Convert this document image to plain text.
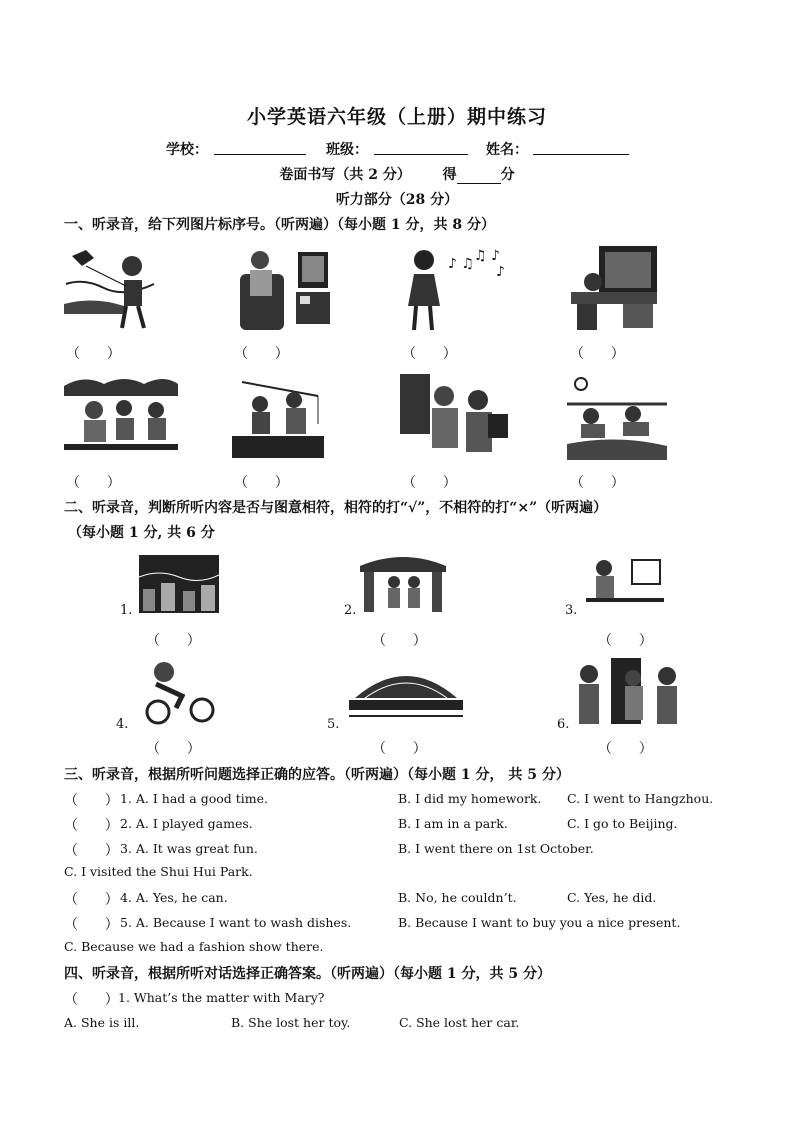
小学英语六年级（上册）期中练习
学校：	班级：	姓名：
卷面书写（共 2 分） 得	分
听力部分（28 分）
一、听录音，给下列图片标序号。（听两遍）（每小题 1 分，共 8 分）
♪ ♫ ♫ ♪
♪
（      ）	（      ）	（      ）	（      ）
（      ）	（      ）	（      ）	（      ）
二、听录音，判断所听内容是否与图意相符，相符的打“√”，不相符的打“×”（听两遍）
（每小题 1 分, 共 6 分
1.
（      ）
2.
（      ）
3.
（      ）
4.
（      ）
5.
（      ）
6.
（      ）
三、听录音，根据所听问题选择正确的应答。（听两遍）（每小题 1 分， 共 5 分）
（      ） 1. A. I had a good time.	B. I did my homework. C. I went to Hangzhou.
（      ） 2. A. I played games.	B. I am in a park.	C. I go to Beijing.
（      ） 3. A. It was great fun.	B. I went there on 1st October.
C. I visited the Shui Hui Park.
（      ） 4. A. Yes, he can.	B. No, he couldn’t.	C. Yes, he did.
（      ） 5. A. Because I want to wash dishes.	B. Because I want to buy you a nice present.
C. Because we had a fashion show there.
四、听录音，根据所听对话选择正确答案。（听两遍）（每小题 1 分，共 5 分）
（      ） 1. What’s the matter with Mary?
A. She is ill.	B. She lost her toy.	C. She lost her car.
